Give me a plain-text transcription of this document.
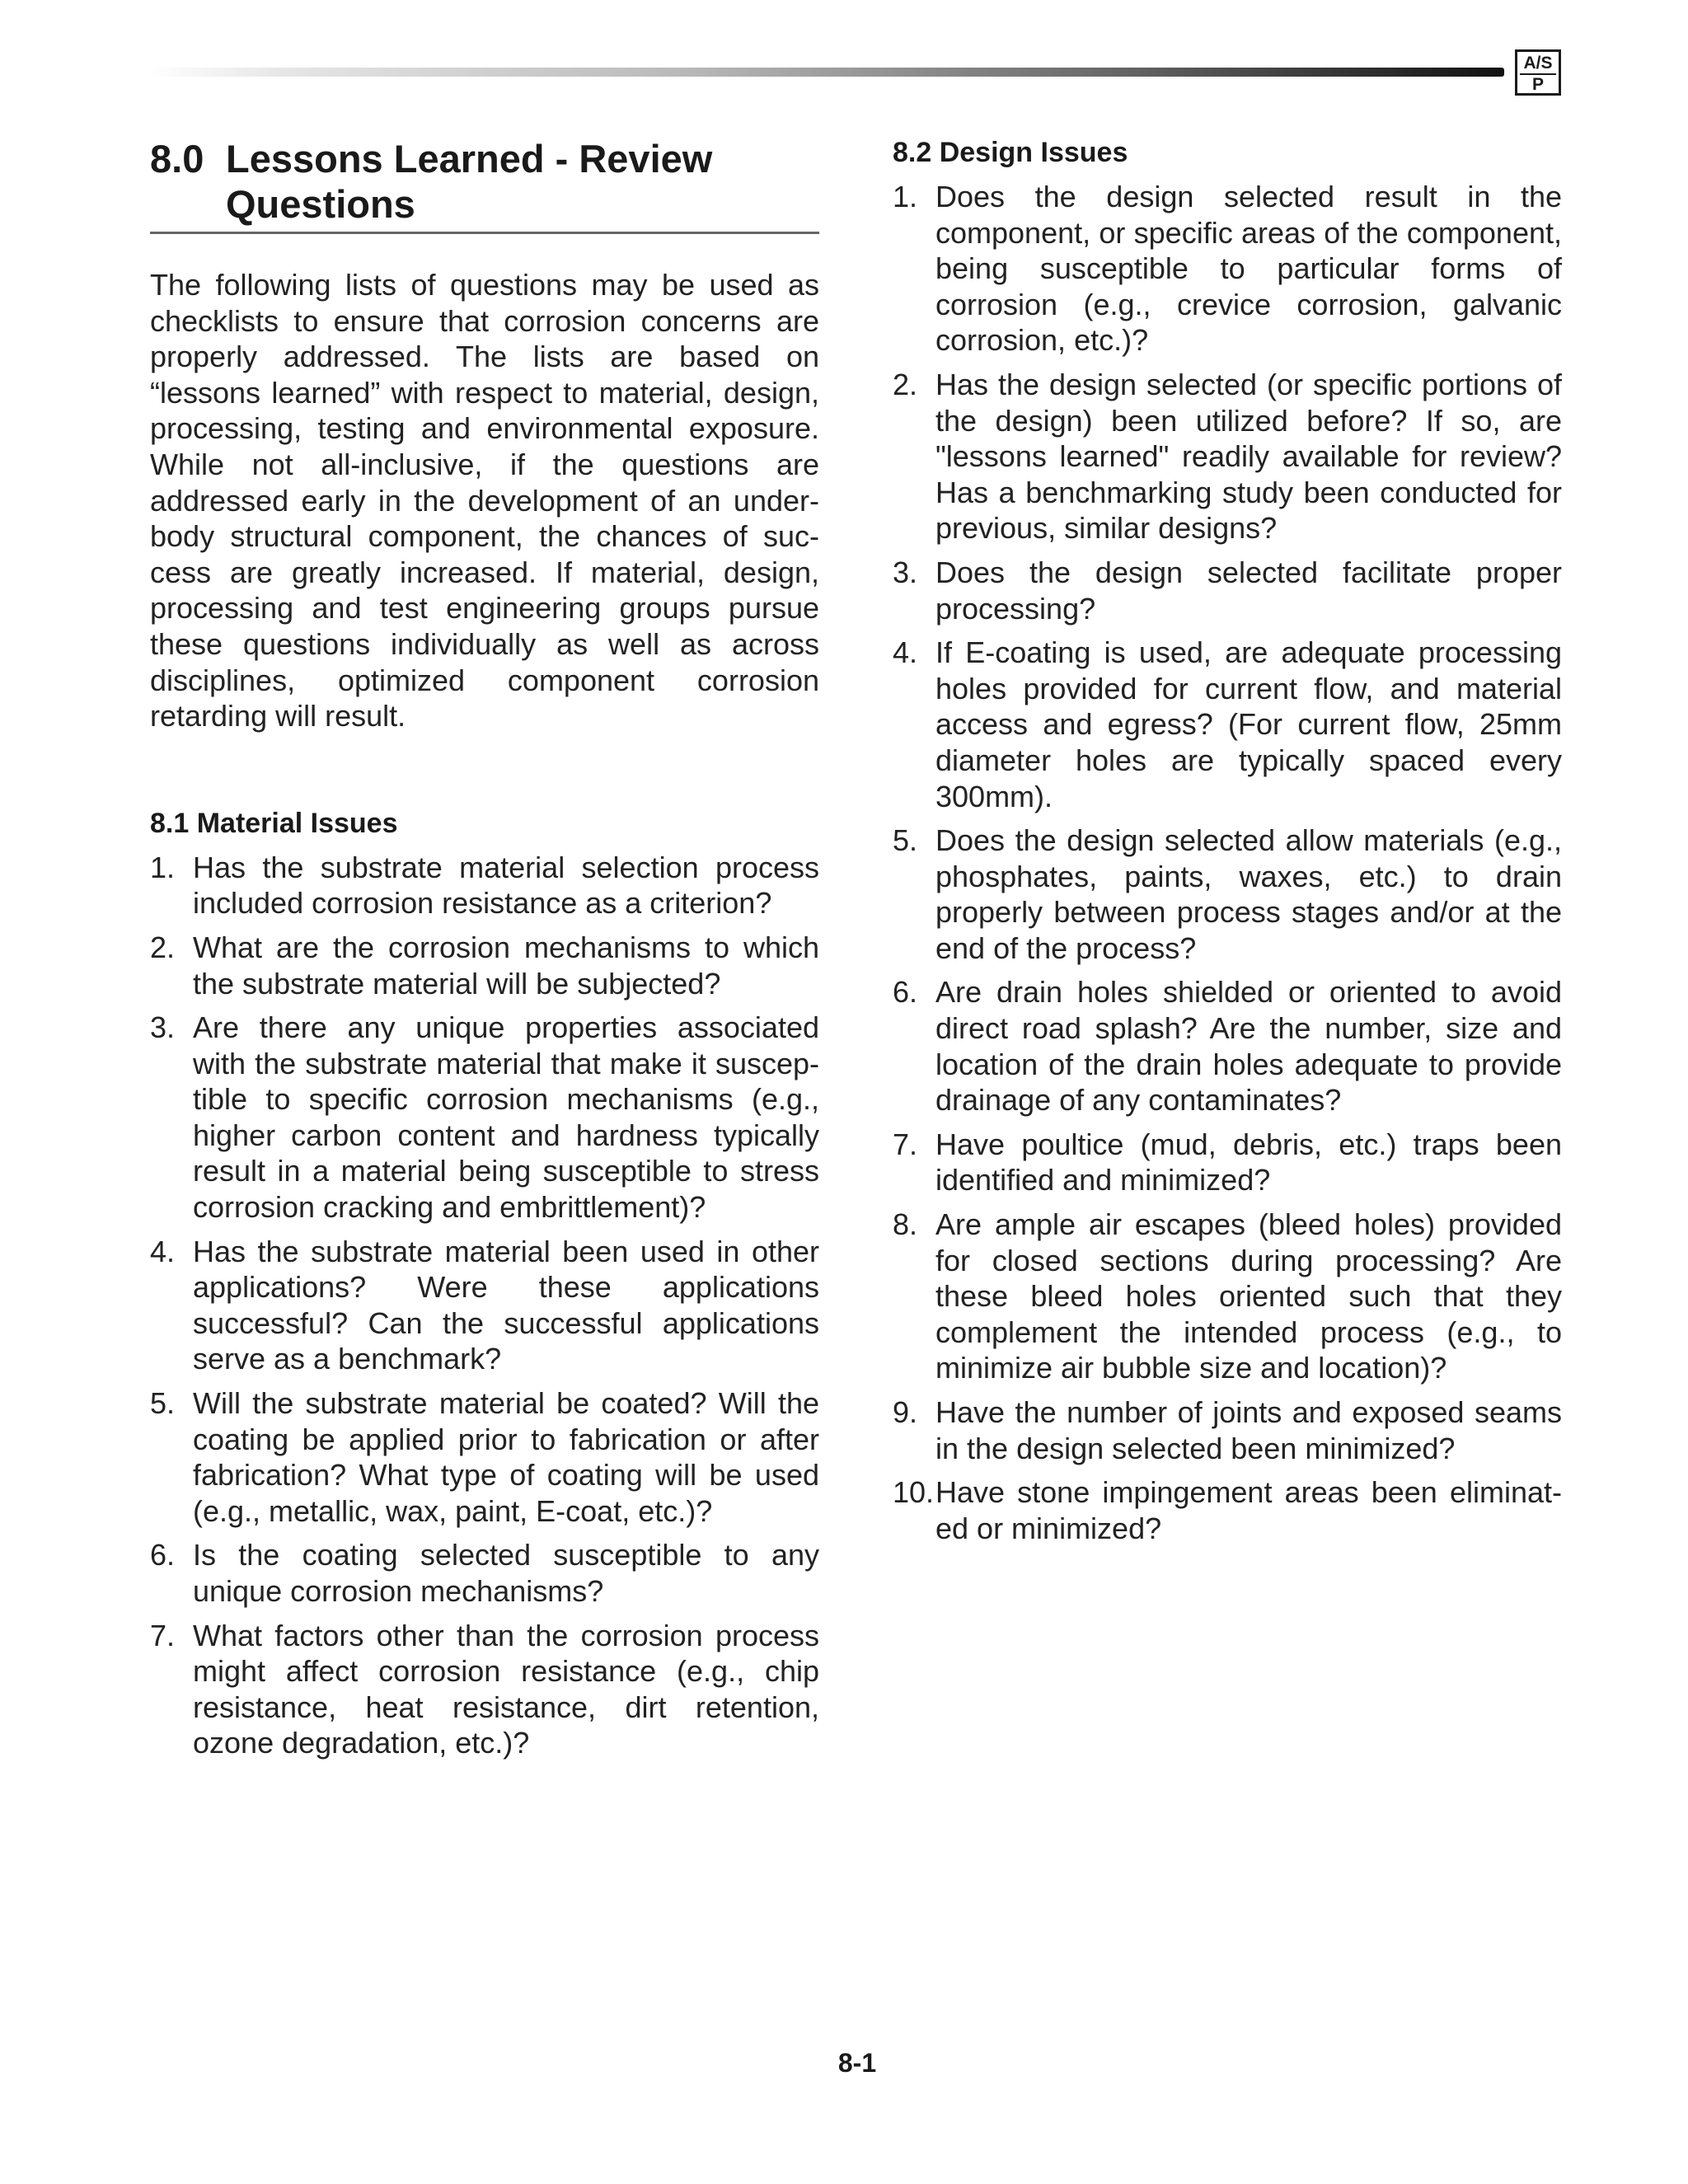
A/S
P
8.0 Lessons Learned - Review Questions

The following lists of questions may be used as checklists to ensure that corrosion concerns are properly addressed. The lists are based on “lessons learned” with respect to material, design, processing, testing and environmental exposure. While not all-inclusive, if the questions are addressed early in the development of an under-body structural component, the chances of suc-cess are greatly increased. If material, design, processing and test engineering groups pursue these questions individually as well as across disciplines, optimized component corrosion retarding will result.

8.1 Material Issues
1. Has the substrate material selection process included corrosion resistance as a criterion?
2. What are the corrosion mechanisms to which the substrate material will be subjected?
3. Are there any unique properties associated with the substrate material that make it suscep-tible to specific corrosion mechanisms (e.g., higher carbon content and hardness typically result in a material being susceptible to stress corrosion cracking and embrittlement)?
4. Has the substrate material been used in other applications? Were these applications successful? Can the successful applications serve as a benchmark?
5. Will the substrate material be coated? Will the coating be applied prior to fabrication or after fabrication? What type of coating will be used (e.g., metallic, wax, paint, E-coat, etc.)?
6. Is the coating selected susceptible to any unique corrosion mechanisms?
7. What factors other than the corrosion process might affect corrosion resistance (e.g., chip resistance, heat resistance, dirt retention, ozone degradation, etc.)?
8.2 Design Issues
1. Does the design selected result in the component, or specific areas of the component, being susceptible to particular forms of corrosion (e.g., crevice corrosion, galvanic corrosion, etc.)?
2. Has the design selected (or specific portions of the design) been utilized before? If so, are "lessons learned" readily available for review? Has a benchmarking study been conducted for previous, similar designs?
3. Does the design selected facilitate proper processing?
4. If E-coating is used, are adequate processing holes provided for current flow, and material access and egress? (For current flow, 25mm diameter holes are typically spaced every 300mm).
5. Does the design selected allow materials (e.g., phosphates, paints, waxes, etc.) to drain properly between process stages and/or at the end of the process?
6. Are drain holes shielded or oriented to avoid direct road splash? Are the number, size and location of the drain holes adequate to provide drainage of any contaminates?
7. Have poultice (mud, debris, etc.) traps been identified and minimized?
8. Are ample air escapes (bleed holes) provided for closed sections during processing? Are these bleed holes oriented such that they complement the intended process (e.g., to minimize air bubble size and location)?
9. Have the number of joints and exposed seams in the design selected been minimized?
10. Have stone impingement areas been eliminat-ed or minimized?
8-1
